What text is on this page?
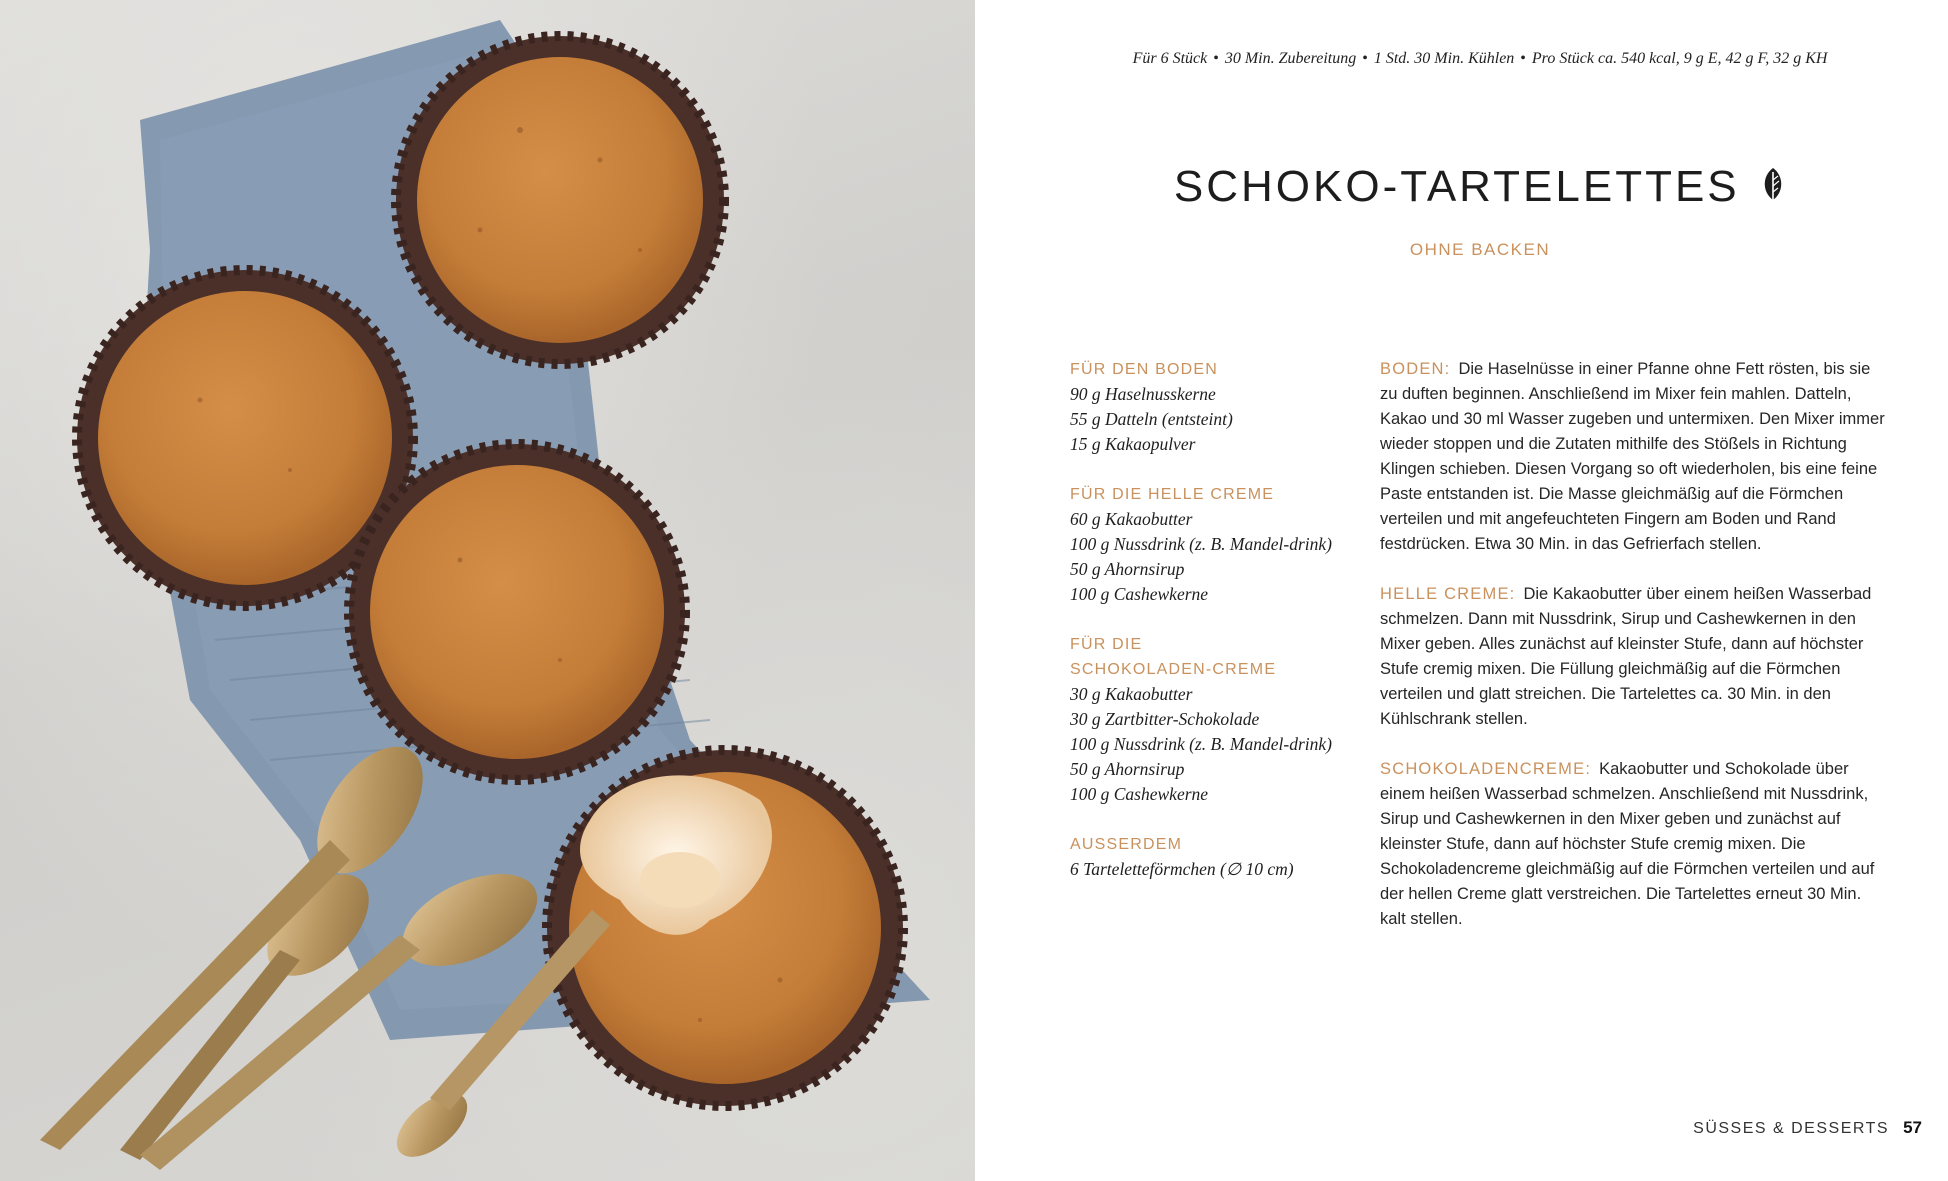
Für 6 Stück • 30 Min. Zubereitung • 1 Std. 30 Min. Kühlen • Pro Stück ca. 540 kcal, 9 g E, 42 g F, 32 g KH
SCHOKO-TARTELETTES
OHNE BACKEN
FÜR DEN BODEN
90 g Haselnusskerne
55 g Datteln (entsteint)
15 g Kakaopulver
FÜR DIE HELLE CREME
60 g Kakaobutter
100 g Nussdrink (z. B. Mandel-drink)
50 g Ahornsirup
100 g Cashewkerne
FÜR DIE SCHOKOLADEN-CREME
30 g Kakaobutter
30 g Zartbitter-Schokolade
100 g Nussdrink (z. B. Mandel-drink)
50 g Ahornsirup
100 g Cashewkerne
AUSSERDEM
6 Tarteletteförmchen (∅ 10 cm)
BODEN: Die Haselnüsse in einer Pfanne ohne Fett rösten, bis sie zu duften beginnen. Anschließend im Mixer fein mahlen. Datteln, Kakao und 30 ml Wasser zugeben und untermixen. Den Mixer immer wieder stoppen und die Zutaten mithilfe des Stößels in Richtung Klingen schieben. Diesen Vorgang so oft wiederholen, bis eine feine Paste entstanden ist. Die Masse gleichmäßig auf die Förmchen verteilen und mit angefeuchteten Fingern am Boden und Rand festdrücken. Etwa 30 Min. in das Gefrierfach stellen.
HELLE CREME: Die Kakaobutter über einem heißen Wasserbad schmelzen. Dann mit Nussdrink, Sirup und Cashewkernen in den Mixer geben. Alles zunächst auf kleinster Stufe, dann auf höchster Stufe cremig mixen. Die Füllung gleichmäßig auf die Förmchen verteilen und glatt streichen. Die Tartelettes ca. 30 Min. in den Kühlschrank stellen.
SCHOKOLADENCREME: Kakaobutter und Schokolade über einem heißen Wasserbad schmelzen. Anschließend mit Nussdrink, Sirup und Cashewkernen in den Mixer geben und zunächst auf kleinster Stufe, dann auf höchster Stufe cremig mixen. Die Schokoladencreme gleichmäßig auf die Förmchen verteilen und auf der hellen Creme glatt verstreichen. Die Tartelettes erneut 30 Min. kalt stellen.
SÜSSES & DESSERTS 57
